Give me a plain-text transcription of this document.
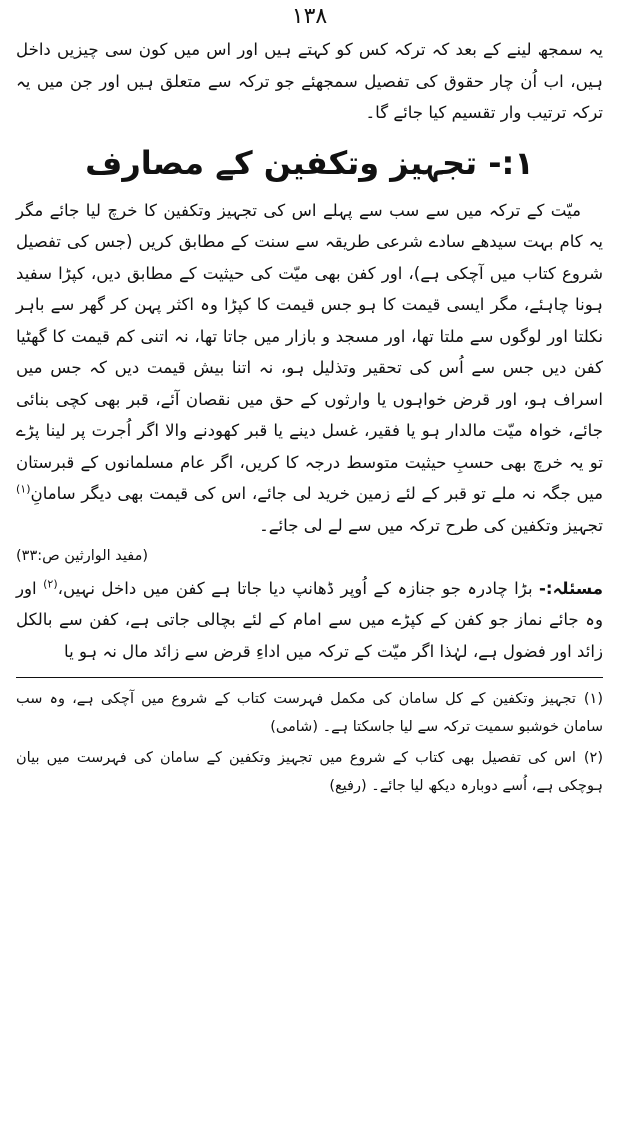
۱۳۸

یہ سمجھ لینے کے بعد کہ ترکہ کس کو کہتے ہیں اور اس میں کون سی چیزیں داخل ہیں، اب اُن چار حقوق کی تفصیل سمجھئے جو ترکہ سے متعلق ہیں اور جن میں یہ ترکہ ترتیب وار تقسیم کیا جائے گا۔

۱:- تجہیز وتکفین کے مصارف

میّت کے ترکہ میں سے سب سے پہلے اس کی تجہیز وتکفین کا خرچ لیا جائے مگر یہ کام بہت سیدھے سادے شرعی طریقہ سے سنت کے مطابق کریں (جس کی تفصیل شروع کتاب میں آچکی ہے)، اور کفن بھی میّت کی حیثیت کے مطابق دیں، کپڑا سفید ہونا چاہئے، مگر ایسی قیمت کا ہو جس قیمت کا کپڑا وہ اکثر پہن کر گھر سے باہر نکلتا اور لوگوں سے ملتا تھا، اور مسجد و بازار میں جاتا تھا، نہ اتنی کم قیمت کا گھٹیا کفن دیں جس سے اُس کی تحقیر وتذلیل ہو، نہ اتنا بیش قیمت دیں کہ جس میں اسراف ہو، اور قرض خواہوں یا وارثوں کے حق میں نقصان آئے، قبر بھی کچی بنائی جائے، خواہ میّت مالدار ہو یا فقیر، غسل دینے یا قبر کھودنے والا اگر اُجرت پر لینا پڑے تو یہ خرچ بھی حسبِ حیثیت متوسط درجہ کا کریں، اگر عام مسلمانوں کے قبرستان میں جگہ نہ ملے تو قبر کے لئے زمین خرید لی جائے، اس کی قیمت بھی دیگر سامانِ$^{(۱)}$ تجہیز وتکفین کی طرح ترکہ میں سے لے لی جائے۔

(مفید الوارثین ص:۳۳)

مسئلہ:- بڑا چادرہ جو جنازہ کے اُوپر ڈھانپ دیا جاتا ہے کفن میں داخل نہیں،$^{(۲)}$ اور وہ جائے نماز جو کفن کے کپڑے میں سے امام کے لئے بچالی جاتی ہے، کفن سے بالکل زائد اور فضول ہے، لہٰذا اگر میّت کے ترکہ میں اداءِ قرض سے زائد مال نہ ہو یا

(۱)تجہیز وتکفین کے کل سامان کی مکمل فہرست کتاب کے شروع میں آچکی ہے، وہ سب سامان خوشبو سمیت ترکہ سے لیا جاسکتا ہے۔ (شامی)

(۲)اس کی تفصیل بھی کتاب کے شروع میں تجہیز وتکفین کے سامان کی فہرست میں بیان ہوچکی ہے، اُسے دوبارہ دیکھ لیا جائے۔ (رفیع)
